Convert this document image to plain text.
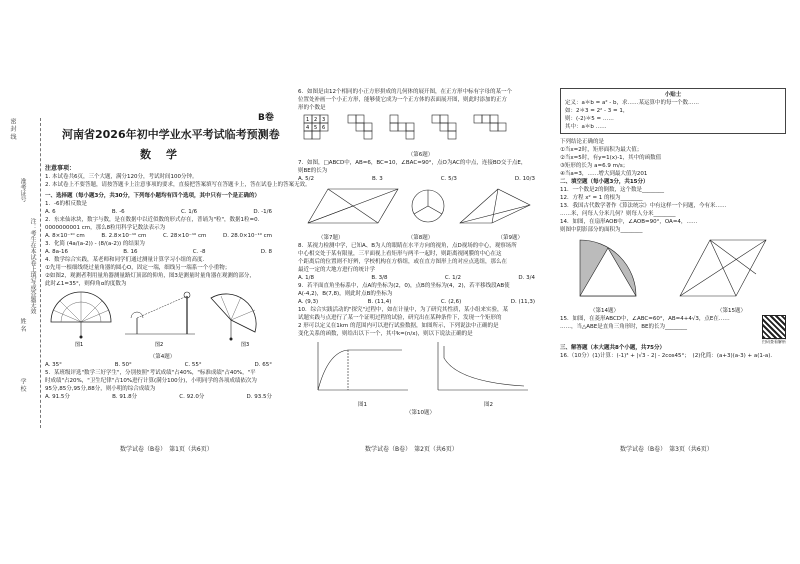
密 封 线
准考证号
注：考生在本试卷上填写或答题无效
姓 名
学 校
B卷
河南省2026年初中学业水平考试临考预测卷
数　学
注意事项：
1. 本试卷共6页，三个大题，满分120分，考试时间100分钟。
2. 本试卷上不要答题，请按答题卡上注意事项的要求，直接把答案填写在答题卡上，答在试卷上的答案无效。
一、选择题（每小题3分，共30分，下列每小题均有四个选项，其中只有一个是正确的）
1．-6的相反数是
A. 6	B. -6	C. 1/6	D. -1/6
2．东来仙冰块，数字与数，是在数据中以近似数的形式存在，普诵为"粒"，数据1粒=0.
0000000001 cm，那么8粒用科学记数法表示为
A. 8×10⁻¹⁰ cm	B. 2.8×10⁻¹⁰ cm	C. 28×10⁻¹⁰ cm	D. 28.0×10⁻¹⁰ cm
3．化简 (4a/(a-2)) - (8/(a-2)) 的结果为
A. 8a-16	B. 16	C. -8	D. 8
4．数学综合实践，某老师和同学们通过测量计算学习小组的高度.
①先用一根细线绕过量角器的圆心O，固定一端，细线另一端系一个小重物；
②如图2，观测者利用量角器测量路灯顶部的仰角，图3是测量时量角器在观测的部分，
此时∠1=35°，则仰角α的度数为
图1	图2	图3
（第4题）
A. 35°	B. 50°	C. 55°	D. 65°
5．某班级评选"数学三好学生"，分别按照"考试成绩"占40%，"标准成绩"占40%，"平
时成绩"占20%，"卫生纪律"占10%进行计算(满分100分)，小明同学的各项成绩依次为
95分,85分,95分,88分，则小明的综合成绩为
A. 91.5分	B. 91.8分	C. 92.0分	D. 93.5分
数学试卷（B卷）　第1页（共6页）
6．如图是由12个相同的小正方形拼成的几何体的展开图，在正方形中标有字母的某一个
位置处补画一个小正方形，能够使它成为一个正方体的表面展开图，则此时添加的正方
形的个数是
1 2 3
4 5 6
（第6题）
7．如图，□ABCD中，AB=6，BC=10，∠BAC=90°，点O为AC的中点，连接BO交于点E，
则BE的长为
A. 5/2	B. 3	C. 5/3	D. 10/3
（第7题）	（第8题）	（第9题）
8．某视力检测中学，已知A、B为人的眼睛在水平方向的视角，点D视场的中心，观察场所
中心相交处于某有限量，三平面视上看矩形与两半一起时，则距离视网膜的中心在这
个距离后的位置则不好辨，学校机构在方格组，或在直方图形上的对应点选组，那么在
最近一定的大地方进行的统计学
A. 1/8	B. 3/8	C. 1/2	D. 3/4
9．若平面直角坐标系中，点A的坐标为(2，0)，点B的坐标为(4，2)，若平移线段AB使
A(-4,2)，B(7,8)，则此时点B的坐标为
A. (9,3)	B. (11,4)	C. (2,6)	D. (11,3)
10．综合实践活动的"探究"过程中，如在计量中，为了研究其性质，某小组来实验，某
试题实践与点进行了某一个证明过程的试验，研究出在某种条件下，发现一个矩形的
2 形可以定义在1km 的范围内可以进行试验数据，如图所示，下列说法中正确的是
变化关系的函数，则给出以下一个，其中k=(n/x)，则以下说法正确的是
图1	图2
（第10题）
数学试卷（B卷）　第2页（共6页）
小贴士
定义：a＊b = a² - b，求……某运算中的每一个数……
如：2＊3 = 2² - 3 = 1，
则：(-2)＊5 = ……
其中：a＊b ……
下列结论正确的是
①当x=2时，矩形面积为最大值；
②当x=5时，有y=1(x)-1，其中的函数值
③矩形的长为 a=6.9 m/s；
④当a=3，……增大到最大值为201
二、填空题（每小题3分，共15分）
11．一个数是2的倒数，这个数是________
12．方程 x² = 1 的根为________
13．我国古代数学著作《算法统宗》中有这样一个问题，今有米……
……米，问每人分米几何？则每人分米________
14．如图，在扇形AOB中，∠AOB=90°，OA=4，……
则图中阴影部分的面积为________
（第14题）	（第15题）
15．如图，在菱形ABCD中，∠ABC=60°，AB=4+4√3，点E在……
……，当△ABE是直角三角形时，BE的长为________
扫码查看解析
三、解答题（本大题共8个小题，共75分）
16.（10分）(1)计算：(-1)³ + |√3 - 2| - 2cos45°；　(2)化简：(a+3)(a-3) + a(1-a)．
数学试卷（B卷）　第3页（共6页）
